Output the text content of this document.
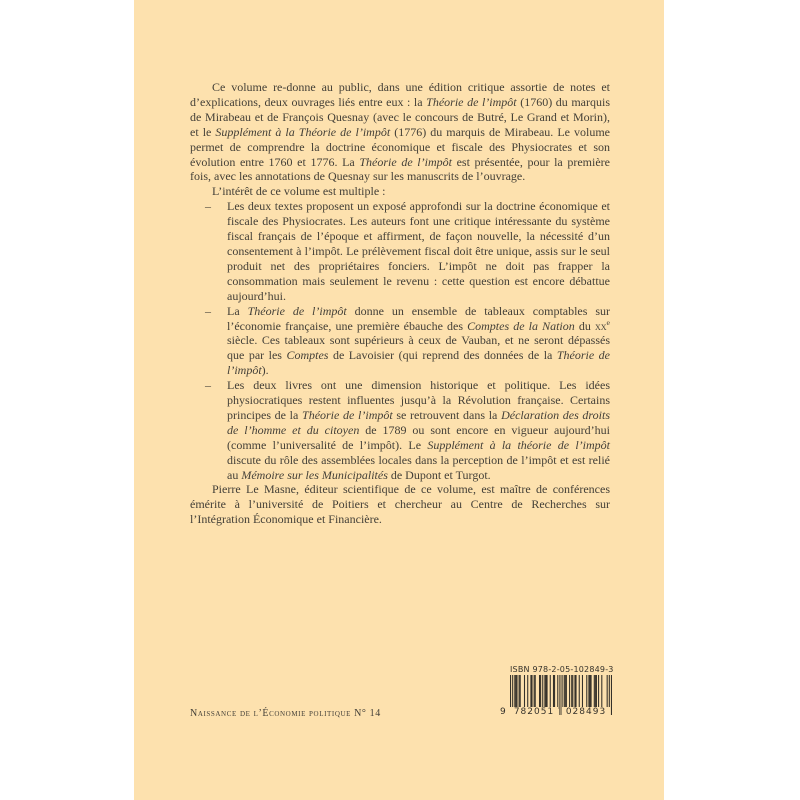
Ce volume re-donne au public, dans une édition critique assortie de notes et d’explications, deux ouvrages liés entre eux : la Théorie de l’impôt (1760) du marquis de Mirabeau et de François Quesnay (avec le concours de Butré, Le Grand et Morin), et le Supplément à la Théorie de l’impôt (1776) du marquis de Mirabeau. Le volume permet de comprendre la doctrine économique et fiscale des Physiocrates et son évolution entre 1760 et 1776. La Théorie de l’impôt est présentée, pour la première fois, avec les annotations de Quesnay sur les manuscrits de l’ouvrage.

L’intérêt de ce volume est multiple :

– Les deux textes proposent un exposé approfondi sur la doctrine économique et fiscale des Physiocrates. Les auteurs font une critique intéressante du système fiscal français de l’époque et affirment, de façon nouvelle, la nécessité d’un consentement à l’impôt. Le prélèvement fiscal doit être unique, assis sur le seul produit net des propriétaires fonciers. L’impôt ne doit pas frapper la consommation mais seulement le revenu : cette question est encore débattue aujourd’hui.
– La Théorie de l’impôt donne un ensemble de tableaux comptables sur l’économie française, une première ébauche des Comptes de la Nation du $xx^e$ siècle. Ces tableaux sont supérieurs à ceux de Vauban, et ne seront dépassés que par les Comptes de Lavoisier (qui reprend des données de la Théorie de l’impôt).
– Les deux livres ont une dimension historique et politique. Les idées physiocratiques restent influentes jusqu’à la Révolution française. Certains principes de la Théorie de l’impôt se retrouvent dans la Déclaration des droits de l’homme et du citoyen de 1789 ou sont encore en vigueur aujourd’hui (comme l’universalité de l’impôt). Le Supplément à la théorie de l’impôt discute du rôle des assemblées locales dans la perception de l’impôt et est relié au Mémoire sur les Municipalités de Dupont et Turgot.

Pierre Le Masne, éditeur scientifique de ce volume, est maître de conférences émérite à l’université de Poitiers et chercheur au Centre de Recherches sur l’Intégration Économique et Financière.

Naissance de l’Économie politique N° 14
ISBN 978-2-05-102849-3
9 782051	028493
